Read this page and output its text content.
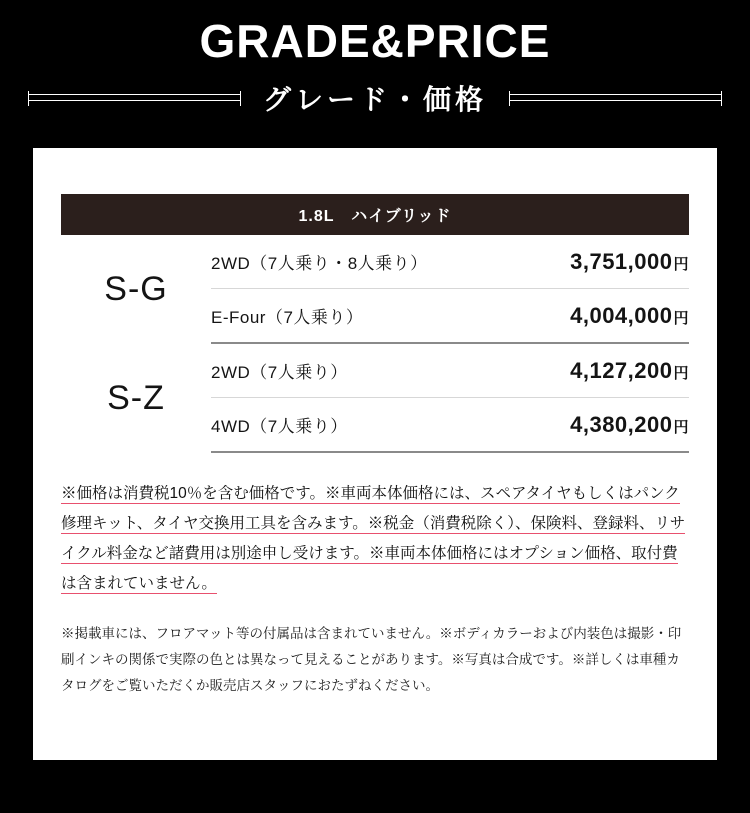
GRADE&PRICE
グレード・価格
1.8L　ハイブリッド
S-G
2WD（7人乗り・8人乗り）	3,751,000円
E-Four（7人乗り）	4,004,000円
S-Z
2WD（7人乗り）	4,127,200円
4WD（7人乗り）	4,380,200円
※価格は消費税10％を含む価格です。※車両本体価格には、スペアタイヤもしくはパンク修理キット、タイヤ交換用工具を含みます。※税金（消費税除く）、保険料、登録料、リサイクル料金など諸費用は別途申し受けます。※車両本体価格にはオプション価格、取付費は含まれていません。
※掲載車には、フロアマット等の付属品は含まれていません。※ボディカラーおよび内装色は撮影・印刷インキの関係で実際の色とは異なって見えることがあります。※写真は合成です。※詳しくは車種カタログをご覧いただくか販売店スタッフにおたずねください。
